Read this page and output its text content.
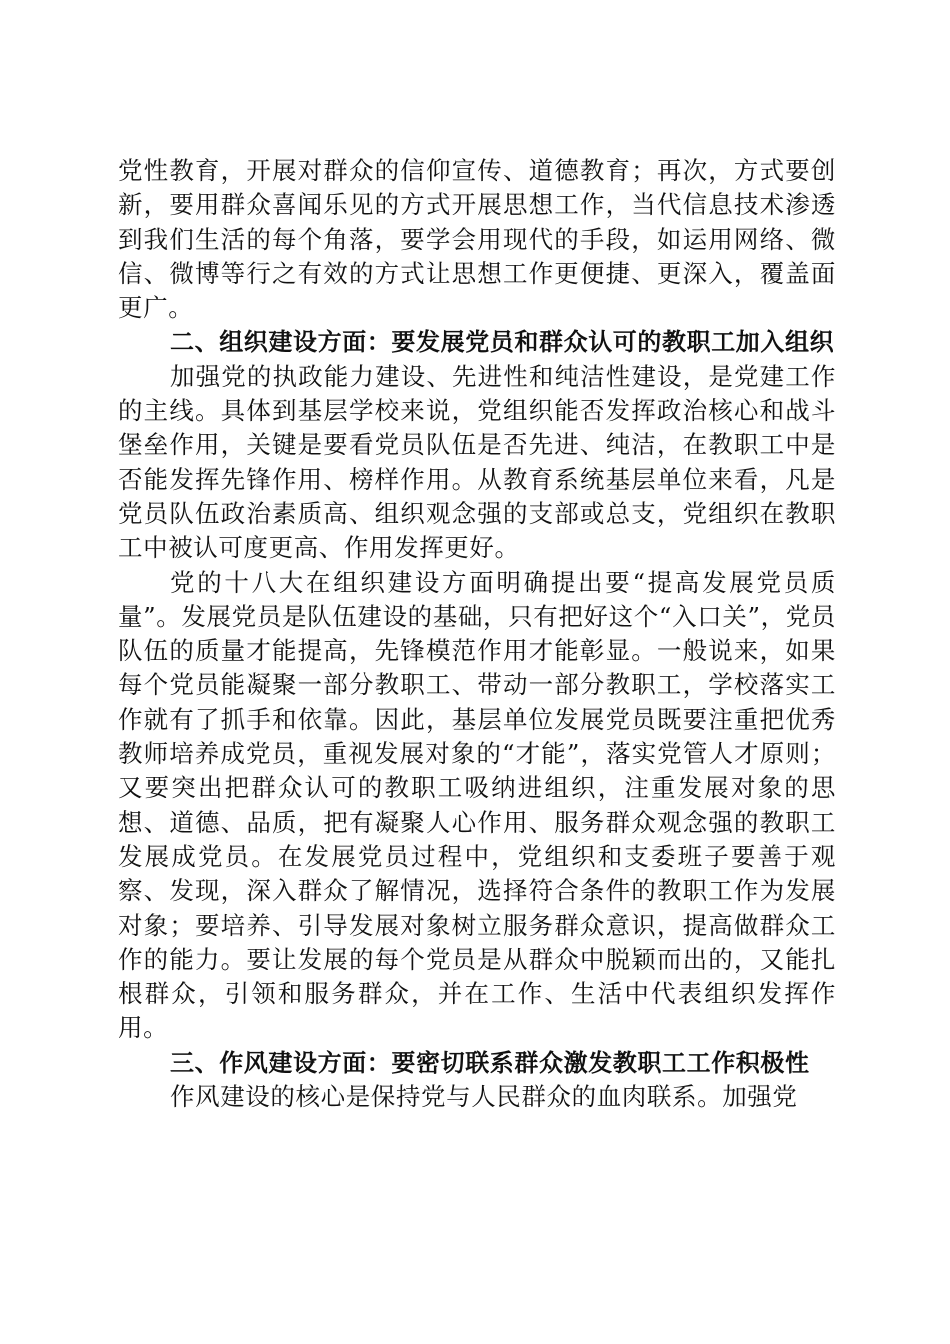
党性教育，开展对群众的信仰宣传、道德教育；再次，方式要创新，要用群众喜闻乐见的方式开展思想工作，当代信息技术渗透到我们生活的每个角落，要学会用现代的手段，如运用网络、微信、微博等行之有效的方式让思想工作更便捷、更深入，覆盖面更广。

二、组织建设方面：要发展党员和群众认可的教职工加入组织

加强党的执政能力建设、先进性和纯洁性建设，是党建工作的主线。具体到基层学校来说，党组织能否发挥政治核心和战斗堡垒作用，关键是要看党员队伍是否先进、纯洁，在教职工中是否能发挥先锋作用、榜样作用。从教育系统基层单位来看，凡是党员队伍政治素质高、组织观念强的支部或总支，党组织在教职工中被认可度更高、作用发挥更好。

党的十八大在组织建设方面明确提出要“提高发展党员质量”。发展党员是队伍建设的基础，只有把好这个“入口关”，党员队伍的质量才能提高，先锋模范作用才能彰显。一般说来，如果每个党员能凝聚一部分教职工、带动一部分教职工，学校落实工作就有了抓手和依靠。因此，基层单位发展党员既要注重把优秀教师培养成党员，重视发展对象的“才能”，落实党管人才原则；又要突出把群众认可的教职工吸纳进组织，注重发展对象的思想、道德、品质，把有凝聚人心作用、服务群众观念强的教职工发展成党员。在发展党员过程中，党组织和支委班子要善于观察、发现，深入群众了解情况，选择符合条件的教职工作为发展对象；要培养、引导发展对象树立服务群众意识，提高做群众工作的能力。要让发展的每个党员是从群众中脱颖而出的，又能扎根群众，引领和服务群众，并在工作、生活中代表组织发挥作用。

三、作风建设方面：要密切联系群众激发教职工工作积极性

作风建设的核心是保持党与人民群众的血肉联系。加强党
